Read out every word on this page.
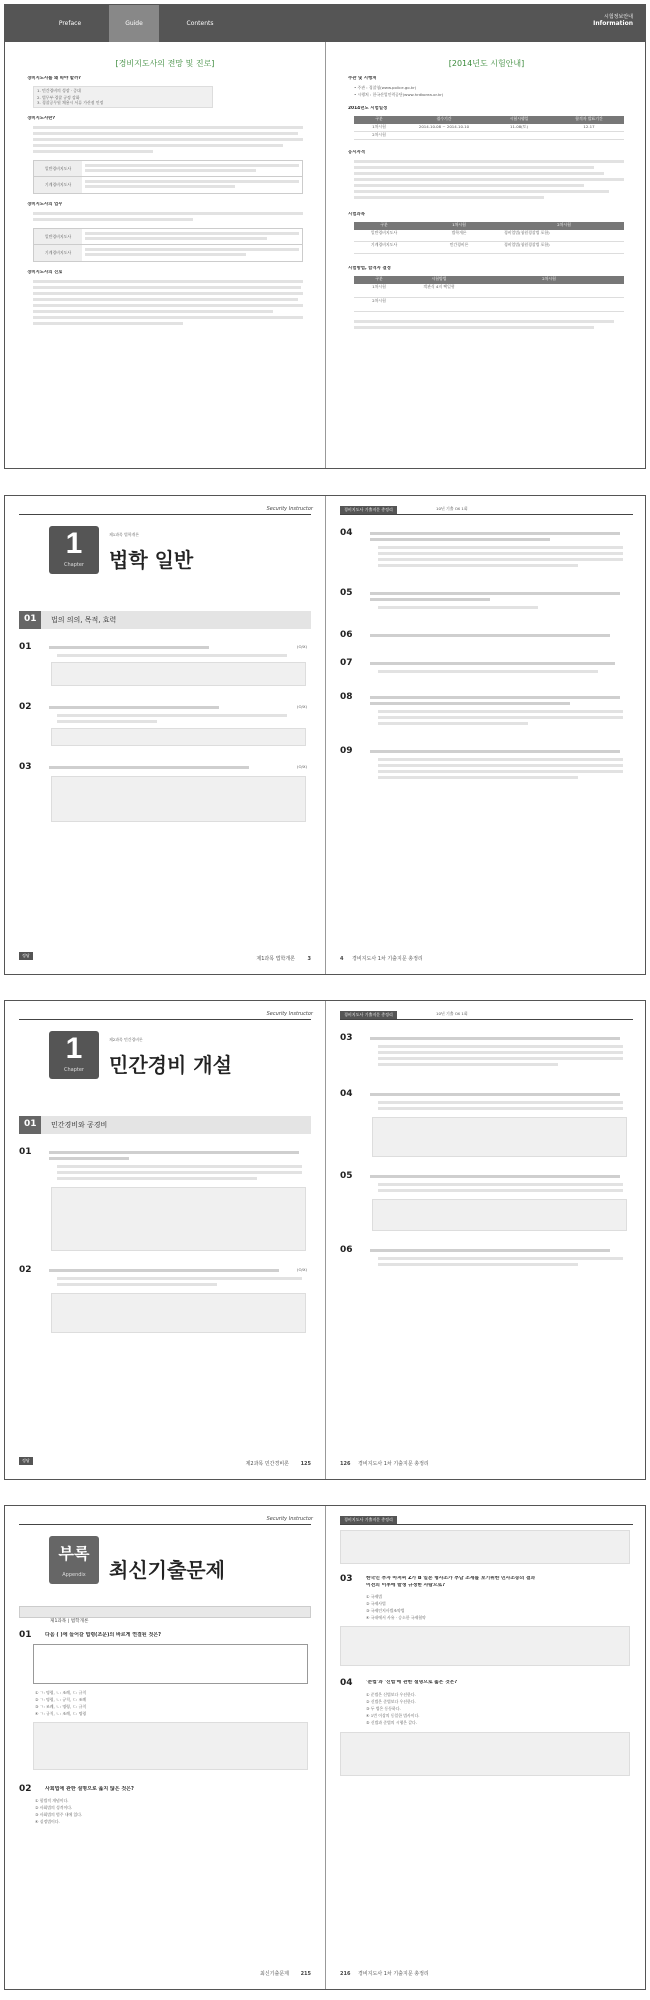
Preface	Guide	Contents
시험정보안내
Information
[경비지도사의 전망 및 진로]
경비지도사를 왜 따야 할까?
1. 민간경비의 성장 · 증대
2. 법무부·경찰 규정 강화
3. 경찰공무원 채용시 서류 가산점 인정
경비지도사란?
일반경비지도사
기계경비지도사
경비지도사의 업무
일반경비지도사
기계경비지도사
경비지도사의 진로
[2014년도 시험안내]
주관 및 시행처
• 주관 : 경찰청(www.police.go.kr)
• 시행처 : 한국산업인력공단(www.hrdkorea.or.kr)
2014년도 시험일정
구분	접수기간	시험시행일	합격자 발표기간
1차시험	2014.10.08 ~ 2014.10.10	11.08(토)	12.17
2차시험
응시자격
시험과목
구분	1차시험	2차시험
일반경비지도사	법학개론	경비업법(청원경찰법 포함)
기계경비지도사	민간경비론	경비업법(청원경찰법 포함)
시험방법, 합격자 결정
구분	시험방법	2차시험
1차시험	객관식 4지 택일형
2차시험
Security Instructor
1
Chapter
제1과목 법학개론
법학 일반
01 법의 의의, 목적, 효력
01	(O/X)
02	(O/X)
03	(O/X)
정답
제1과목 법학개론	3
경비지도사 기출지문 총정리	10년 기출 OX 1회
04
05
06
07
08
09
4 경비지도사 1차 기출지문 총정리
Security Instructor
1
Chapter
제2과목 민간경비론
민간경비 개설
01 민간경비와 공경비
01
02	(O/X)
정답
제2과목 민간경비론 125
경비지도사 기출지문 총정리	10년 기출 OX 1회
03
04
05
06
126 경비지도사 1차 기출지문 총정리
Security Instructor
부록
Appendix	최신기출문제
제1과목 | 법학개론
01	다음 ( )에 들어갈 법령(조문)의 바르게 연결된 것은?
① ㄱ: 명령, ㄴ: 조례, ㄷ: 규칙
② ㄱ: 명령, ㄴ: 규칙, ㄷ: 조례
③ ㄱ: 조례, ㄴ: 명령, ㄷ: 규칙
④ ㄱ: 규칙, ㄴ: 조례, ㄷ: 명령
02	사회법에 관한 설명으로 옳지 않은 것은?
① 합법적 개념이다.
② 사회법의 성격이다.
③ 사회법의 범주 내에 있다.
④ 실정법이다.
최신기출문제 215
경비지도사 기출지문 총정리
03	한국인 부자 아저씨 Z가 B 일본 형사소가 부담 조세를 보기위한 민사소송의 결과
이전의 이후에 발생 규정한 사람으로?
① 국제법
② 국제사법
③ 국제인지사법조약법
④ 국내에서 사유 · 승소한 국제협약
04	'준법'과 '신법'에 관한 설명으로 옳은 것은?
① 준법은 신법보다 우선한다.
② 신법은 준법보다 우선한다.
③ 두 법은 동등하다.
④ 1번 이상의 동일한 법사이다.
⑤ 신법과 준법의 시행은 같다.
216 경비지도사 1차 기출지문 총정리
